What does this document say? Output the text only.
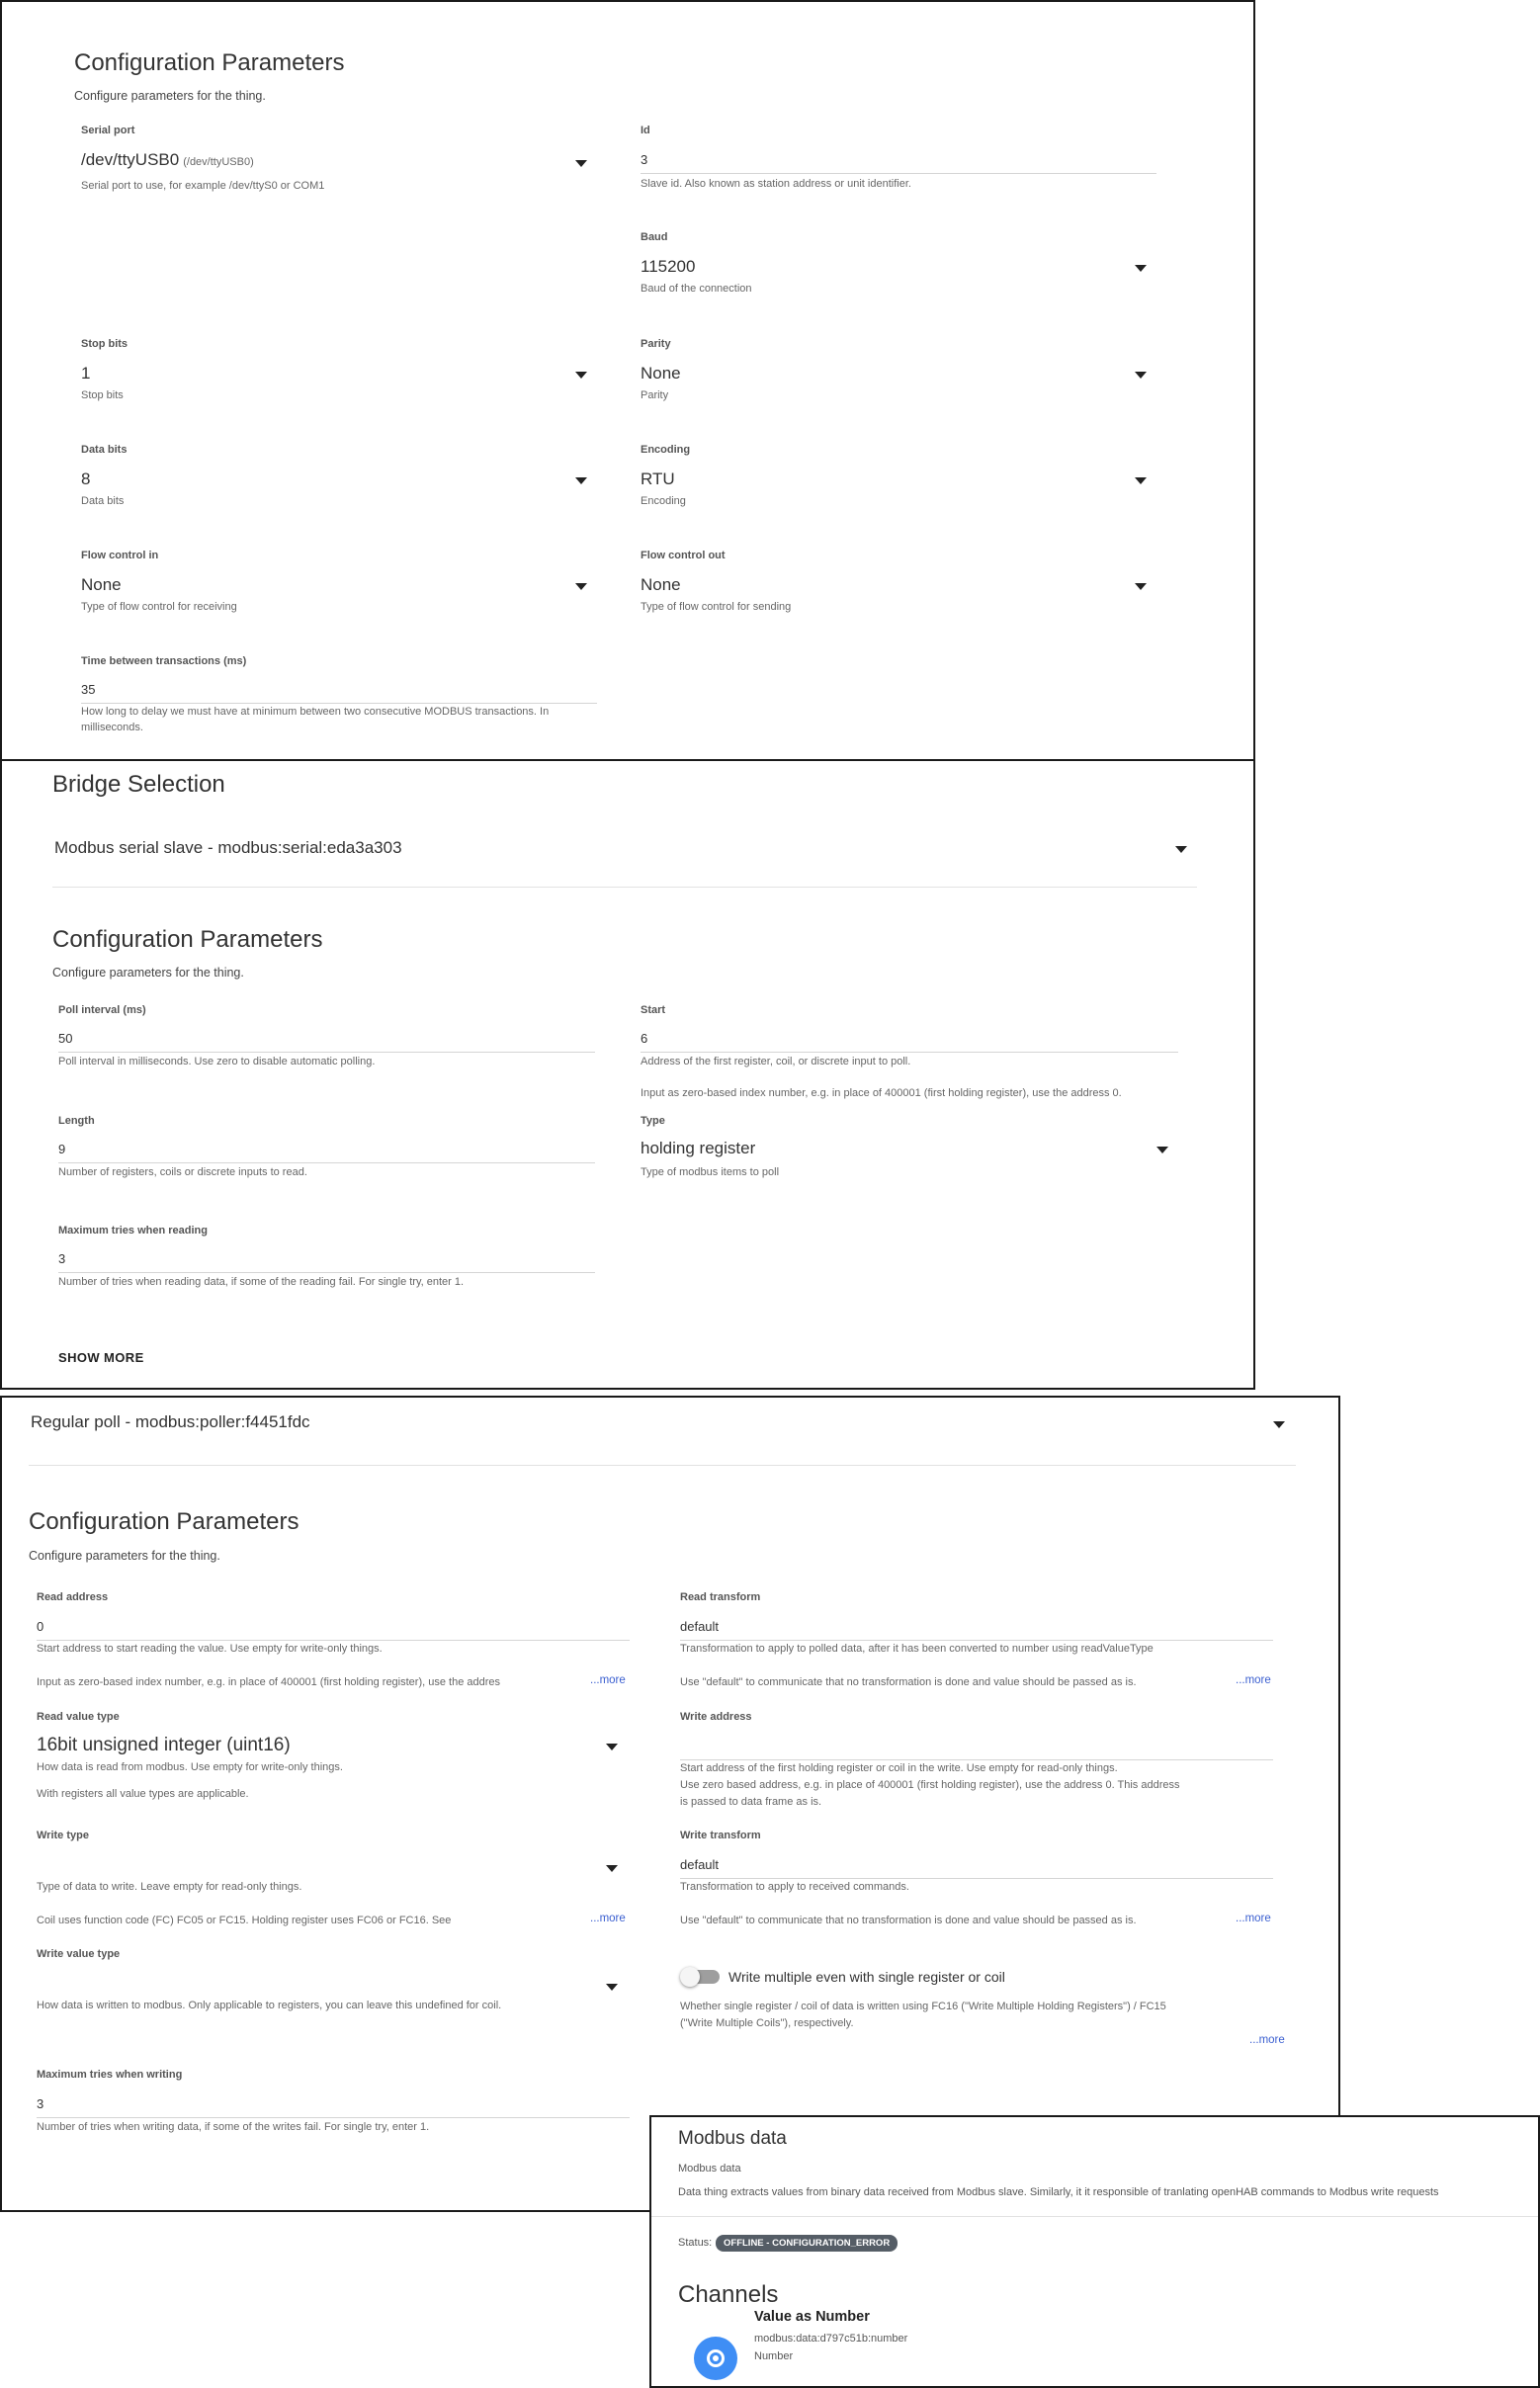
Configuration Parameters
Configure parameters for the thing.
Serial port
/dev/ttyUSB0 (/dev/ttyUSB0)
Serial port to use, for example /dev/ttyS0 or COM1
Id
3
Slave id. Also known as station address or unit identifier.
Baud
115200
Baud of the connection
Stop bits
1
Stop bits
Parity
None
Parity
Data bits
8
Data bits
Encoding
RTU
Encoding
Flow control in
None
Type of flow control for receiving
Flow control out
None
Type of flow control for sending
Time between transactions (ms)
35
How long to delay we must have at minimum between two consecutive MODBUS transactions. In
milliseconds.
Bridge Selection
Modbus serial slave - modbus:serial:eda3a303
Configuration Parameters
Configure parameters for the thing.
Poll interval (ms)
50
Poll interval in milliseconds. Use zero to disable automatic polling.
Start
6
Address of the first register, coil, or discrete input to poll.
Input as zero-based index number, e.g. in place of 400001 (first holding register), use the address 0.
Length
9
Number of registers, coils or discrete inputs to read.
Type
holding register
Type of modbus items to poll
Maximum tries when reading
3
Number of tries when reading data, if some of the reading fail. For single try, enter 1.
SHOW MORE
Regular poll - modbus:poller:f4451fdc
Configuration Parameters
Configure parameters for the thing.
Read address
0
Start address to start reading the value. Use empty for write-only things.
Input as zero-based index number, e.g. in place of 400001 (first holding register), use the addres	...more
Read transform
default
Transformation to apply to polled data, after it has been converted to number using readValueType
Use "default" to communicate that no transformation is done and value should be passed as is.	...more
Read value type
16bit unsigned integer (uint16)
How data is read from modbus. Use empty for write-only things.
With registers all value types are applicable.
Write address
Start address of the first holding register or coil in the write. Use empty for read-only things.
Use zero based address, e.g. in place of 400001 (first holding register), use the address 0. This address
is passed to data frame as is.
Write type
Type of data to write. Leave empty for read-only things.
Coil uses function code (FC) FC05 or FC15. Holding register uses FC06 or FC16. See	...more
Write transform
default
Transformation to apply to received commands.
Use "default" to communicate that no transformation is done and value should be passed as is.	...more
Write value type
How data is written to modbus. Only applicable to registers, you can leave this undefined for coil.
Write multiple even with single register or coil
Whether single register / coil of data is written using FC16 ("Write Multiple Holding Registers") / FC15
("Write Multiple Coils"), respectively.
...more
Maximum tries when writing
3
Number of tries when writing data, if some of the writes fail. For single try, enter 1.
Modbus data
Modbus data
Data thing extracts values from binary data received from Modbus slave. Similarly, it it responsible of tranlating openHAB commands to Modbus write requests
Status:	OFFLINE - CONFIGURATION_ERROR
Channels
Value as Number
modbus:data:d797c51b:number
Number
